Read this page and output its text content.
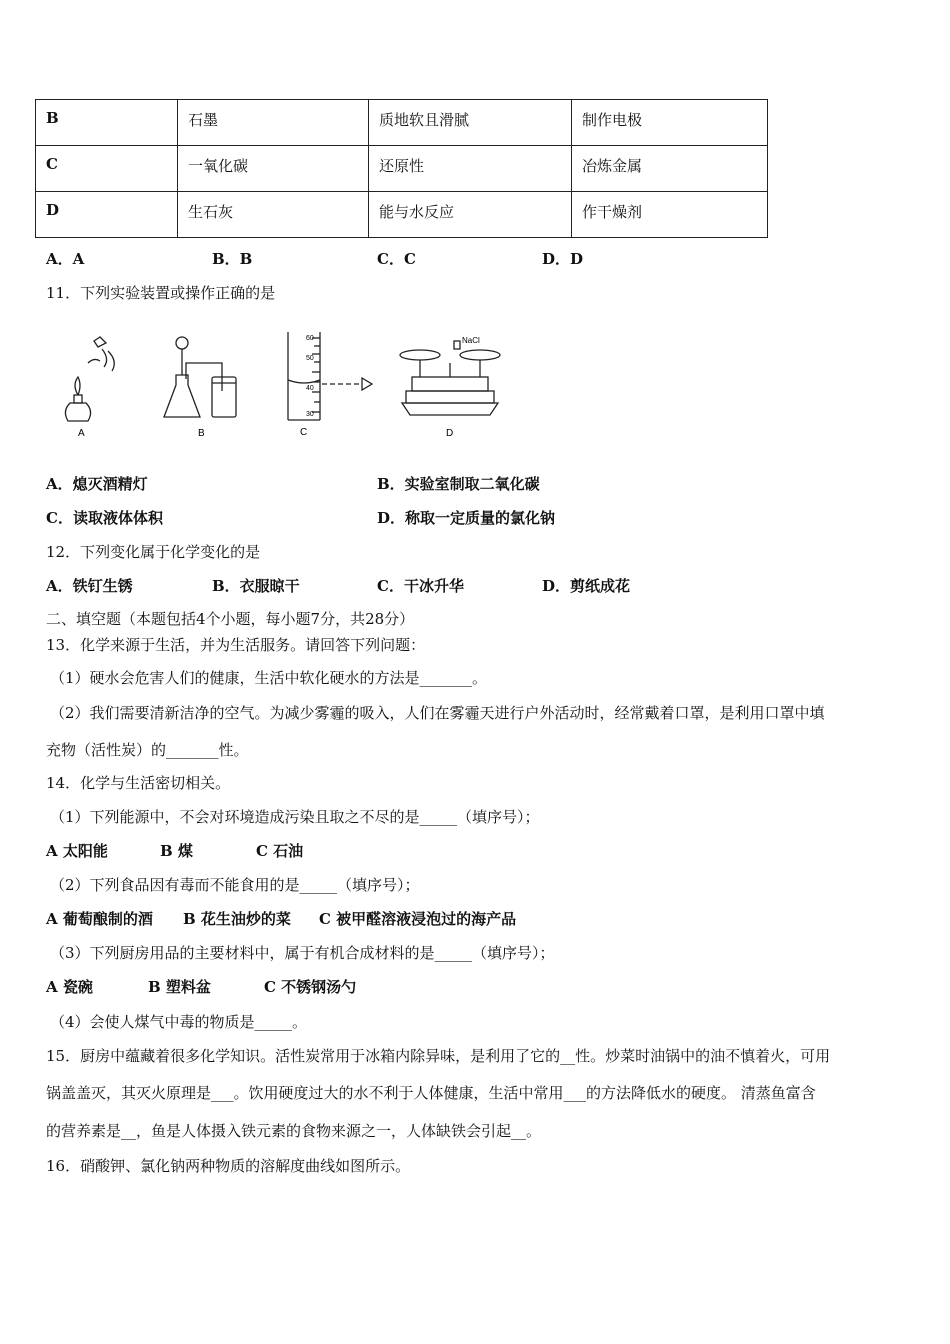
B	石墨	质地软且滑腻	制作电极
C	一氧化碳	还原性	冶炼金属
D	生石灰	能与水反应	作干燥剂
A．A	B．B	C．C	D．D
11．下列实验装置或操作正确的是
A	B
60
50
40
30
C
NaCl
D
A．熄灭酒精灯	B．实验室制取二氧化碳
C．读取液体体积	D．称取一定质量的氯化钠
12．下列变化属于化学变化的是
A．铁钉生锈	B．衣服晾干	C．干冰升华	D．剪纸成花
二、填空题（本题包括4个小题，每小题7分，共28分）
13．化学来源于生活，并为生活服务。请回答下列问题：
（1）硬水会危害人们的健康，生活中软化硬水的方法是_______。
（2）我们需要清新洁净的空气。为减少雾霾的吸入，人们在雾霾天进行户外活动时，经常戴着口罩，是利用口罩中填
充物（活性炭）的_______性。
14．化学与生活密切相关。
（1）下列能源中，不会对环境造成污染且取之不尽的是_____（填序号）；
A 太阳能	B 煤	C 石油
（2）下列食品因有毒而不能食用的是_____（填序号）；
A 葡萄酿制的酒 B 花生油炒的菜 C 被甲醛溶液浸泡过的海产品
（3）下列厨房用品的主要材料中，属于有机合成材料的是_____（填序号）；
A 瓷碗	B 塑料盆	C 不锈钢汤勺
（4）会使人煤气中毒的物质是_____。
15．厨房中蕴藏着很多化学知识。活性炭常用于冰箱内除异味，是利用了它的__性。炒菜时油锅中的油不慎着火，可用
锅盖盖灭，其灭火原理是___。饮用硬度过大的水不利于人体健康，生活中常用___的方法降低水的硬度。 清蒸鱼富含
的营养素是__，鱼是人体摄入铁元素的食物来源之一，人体缺铁会引起__。
16．硝酸钾、氯化钠两种物质的溶解度曲线如图所示。
